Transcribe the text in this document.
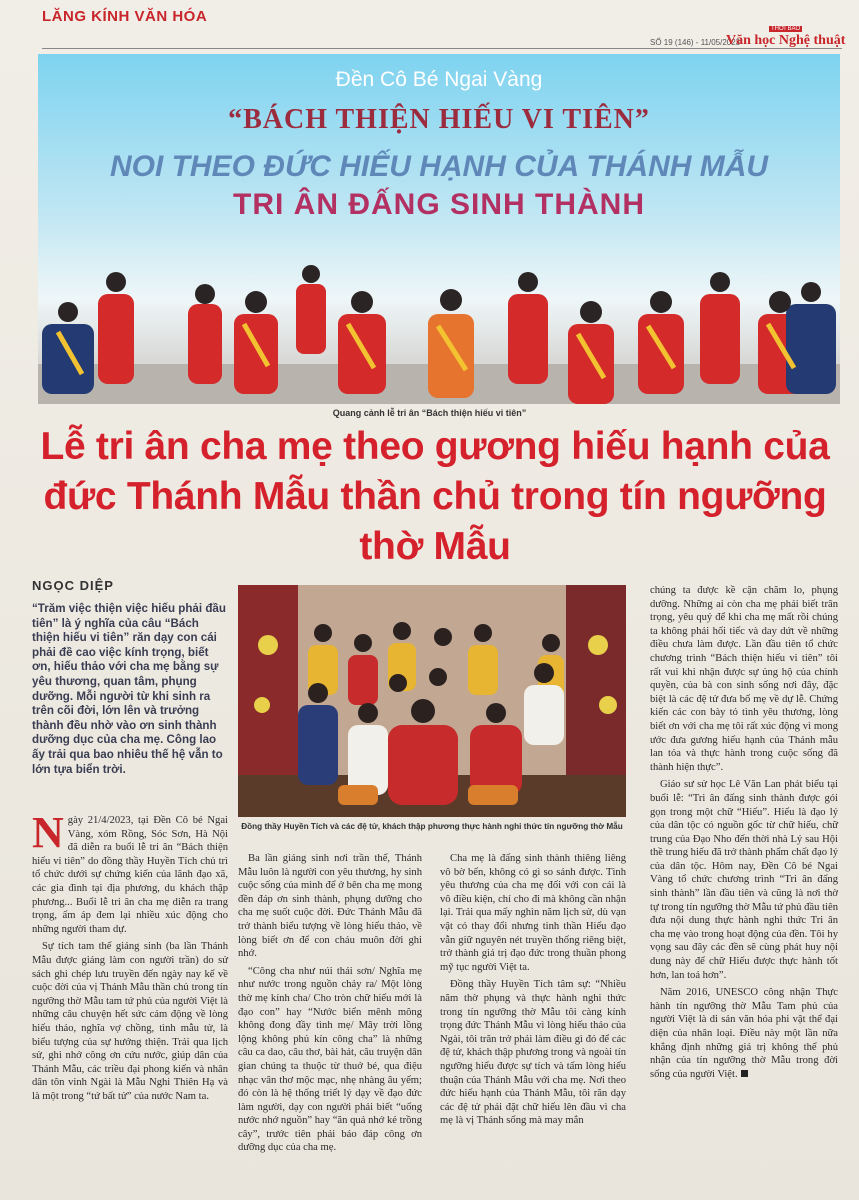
LĂNG KÍNH VĂN HÓA
THỜI BÁO
SỐ 19 (146) - 11/05/2023
Văn học Nghệ thuật
Đền Cô Bé Ngai Vàng
“BÁCH THIỆN HIẾU VI TIÊN”
NOI THEO ĐỨC HIẾU HẠNH CỦA THÁNH MẪU
TRI ÂN ĐẤNG SINH THÀNH
Quang cảnh lễ tri ân “Bách thiện hiếu vi tiên”
Lễ tri ân cha mẹ theo gương hiếu hạnh của đức Thánh Mẫu thần chủ trong tín ngưỡng thờ Mẫu
NGỌC DIỆP
“Trăm việc thiện việc hiếu phải đầu tiên” là ý nghĩa của câu “Bách thiện hiếu vi tiên” răn dạy con cái phải đề cao việc kính trọng, biết ơn, hiếu thảo với cha mẹ bằng sự yêu thương, quan tâm, phụng dưỡng. Mỗi người từ khi sinh ra trên cõi đời, lớn lên và trưởng thành đều nhờ vào ơn sinh thành dưỡng dục của cha mẹ. Công lao ấy trải qua bao nhiêu thế hệ vẫn to lớn tựa biển trời.
Đồng thầy Huyền Tích và các đệ tử, khách thập phương thực hành nghi thức tín ngưỡng thờ Mẫu

chúng ta được kề cận chăm lo, phụng dưỡng. Những ai còn cha mẹ phải biết trân trọng, yêu quý để khi cha mẹ mất rồi chúng ta không phải hối tiếc và day dứt về những điều chưa làm được. Lần đầu tiên tổ chức chương trình “Bách thiện hiếu vi tiên” tôi rất vui khi nhận được sự ủng hộ của chính quyền, của bà con sinh sống nơi đây, đặc biệt là các đệ tử đưa bố mẹ về dự lễ. Chứng kiến các con bày tỏ tình yêu thương, lòng biết ơn với cha mẹ tôi rất xúc động vì mong ước đưa gương hiếu hạnh của Thánh mẫu lan tỏa và thực hành trong cuộc sống đã thành hiện thực”.

Giáo sư sử học Lê Văn Lan phát biểu tại buổi lễ: “Tri ân đấng sinh thành được gói gọn trong một chữ “Hiếu”. Hiếu là đạo lý của dân tộc có nguồn gốc từ chữ hiếu, chữ trung của Đạo Nho đến thời nhà Lý sau Hội thề trung hiếu đã trở thành phẩm chất đạo lý của dân tộc. Hôm nay, Đền Cô bé Ngai Vàng tổ chức chương trình “Tri ân đấng sinh thành” lần đầu tiên và cũng là nơi thờ tự trong tín ngưỡng thờ Mẫu tứ phủ đầu tiên đưa nội dung thực hành nghi thức Tri ân cha mẹ vào trong hoạt động của đền. Tôi hy vọng sau đây các đền sẽ cùng phát huy nội dung này để chữ Hiếu được thực hành tốt hơn, lan toả hơn”.

Năm 2016, UNESCO công nhận Thực hành tín ngưỡng thờ Mẫu Tam phủ của người Việt là di sản văn hóa phi vật thể đại diện của nhân loại. Điều này một lần nữa khẳng định những giá trị không thể phủ nhận của tín ngưỡng thờ Mẫu trong đời sống của người Việt.

Ngày 21/4/2023, tại Đền Cô bé Ngai Vàng, xóm Rồng, Sóc Sơn, Hà Nội đã diễn ra buổi lễ tri ân “Bách thiện hiếu vi tiên” do đồng thầy Huyền Tích chủ trì tổ chức dưới sự chứng kiến của lãnh đạo xã, các gia đình tại địa phương, du khách thập phương... Buổi lễ tri ân cha mẹ diễn ra trang trọng, ấm áp đem lại nhiều xúc động cho những người tham dự.

Sự tích tam thế giáng sinh (ba lần Thánh Mẫu được giáng làm con người trần) do sử sách ghi chép lưu truyền đến ngày nay kể về cuộc đời của vị Thánh Mẫu thần chủ trong tín ngưỡng thờ Mẫu tam tứ phủ của người Việt là những câu chuyện hết sức cảm động về lòng hiếu thảo, nghĩa vợ chồng, tình mẫu tử, là biểu tượng của sự hướng thiện. Trải qua lịch sử, ghi nhớ công ơn cứu nước, giúp dân của Thánh Mẫu, các triều đại phong kiến và nhân dân tôn vinh Ngài là Mẫu Nghi Thiên Hạ và là một trong “tứ bất tử” của nước Nam ta.

Ba lần giáng sinh nơi trần thế, Thánh Mẫu luôn là người con yêu thương, hy sinh cuộc sống của mình để ở bên cha mẹ mong đền đáp ơn sinh thành, phụng dưỡng cho cha mẹ suốt cuộc đời. Đức Thánh Mẫu đã trở thành biểu tượng về lòng hiếu thảo, về lòng biết ơn để con cháu muôn đời ghi nhớ.

“Công cha như núi thái sơn/ Nghĩa mẹ như nước trong nguồn chảy ra/ Một lòng thờ mẹ kính cha/ Cho tròn chữ hiếu mới là đạo con” hay “Nước biển mênh mông không đong đầy tình mẹ/ Mây trời lồng lộng không phủ kín công cha” là những câu ca dao, câu thơ, bài hát, câu truyện dân gian chúng ta thuộc từ thuở bé, qua điệu nhạc vân thơ mộc mạc, nhẹ nhàng âu yếm; đó còn là hệ thống triết lý dạy về đạo đức làm người, dạy con người phải biết “uống nước nhớ nguồn” hay “ăn quả nhớ kẻ trồng cây”, trước tiên phải báo đáp công ơn dưỡng dục của cha mẹ.

Cha mẹ là đấng sinh thành thiêng liêng vô bờ bến, không có gì so sánh được. Tình yêu thương của cha mẹ đối với con cái là vô điều kiện, chỉ cho đi mà không cần nhận lại. Trải qua mấy nghìn năm lịch sử, dù vạn vật có thay đổi nhưng tinh thần Hiếu đạo vẫn giữ nguyên nét truyền thống riêng biệt, trở thành giá trị đạo đức trong thuần phong mỹ tục người Việt ta.

Đồng thầy Huyền Tích tâm sự: “Nhiều năm thờ phụng và thực hành nghi thức trong tín ngưỡng thờ Mẫu tôi càng kính trọng đức Thánh Mẫu vì lòng hiếu thảo của Ngài, tôi trăn trở phải làm điều gì đó để các đệ tử, khách thập phương trong và ngoài tín ngưỡng hiểu được sự tích và tấm lòng hiếu thuận của Thánh Mẫu với cha mẹ. Nơi theo đức hiếu hạnh của Thánh Mẫu, tôi răn dạy các đệ tử phải đặt chữ hiếu lên đầu vì cha mẹ là vị Thánh sống mà may mắn
